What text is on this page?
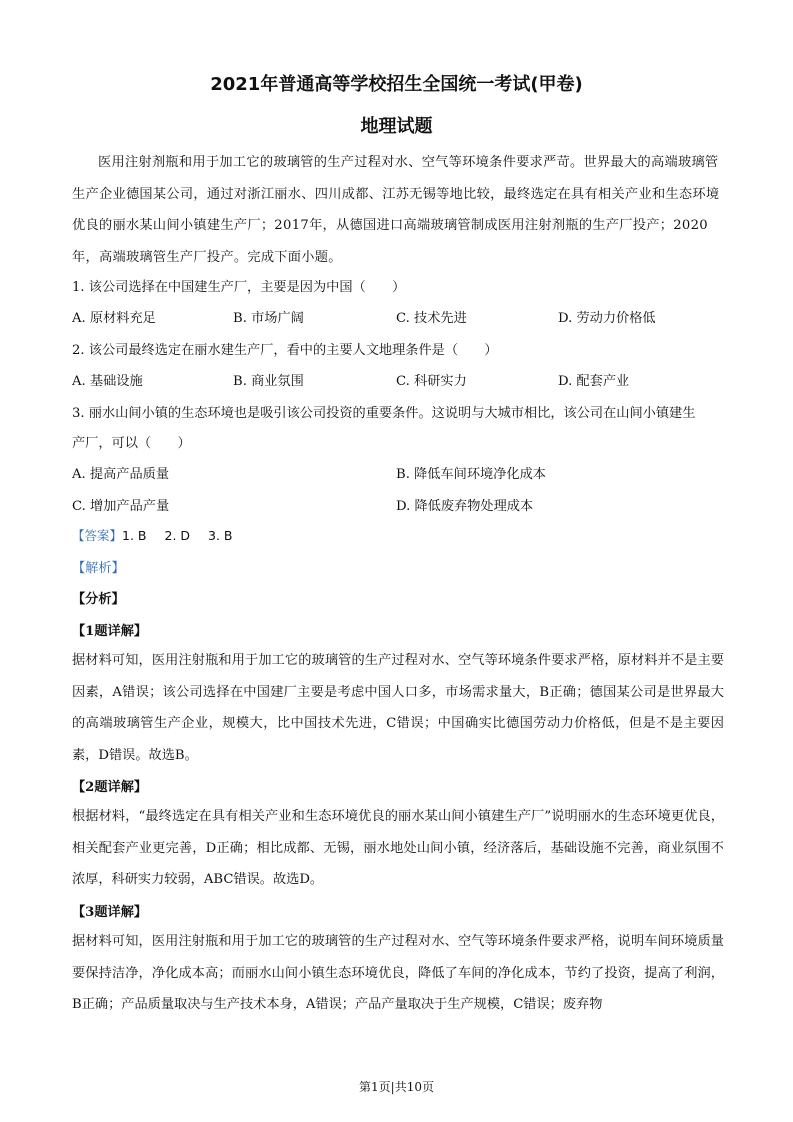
2021年普通高等学校招生全国统一考试(甲卷)
地理试题
医用注射剂瓶和用于加工它的玻璃管的生产过程对水、空气等环境条件要求严苛。世界最大的高端玻璃管生产企业德国某公司，通过对浙江丽水、四川成都、江苏无锡等地比较，最终选定在具有相关产业和生态环境优良的丽水某山间小镇建生产厂；2017年，从德国进口高端玻璃管制成医用注射剂瓶的生产厂投产；2020年，高端玻璃管生产厂投产。完成下面小题。
1. 该公司选择在中国建生产厂，主要是因为中国（　　）
A. 原材料充足	B. 市场广阔	C. 技术先进	D. 劳动力价格低
2. 该公司最终选定在丽水建生产厂，看中的主要人文地理条件是（　　）
A. 基础设施	B. 商业氛围	C. 科研实力	D. 配套产业
3. 丽水山间小镇的生态环境也是吸引该公司投资的重要条件。这说明与大城市相比，该公司在山间小镇建生
产厂，可以（　　）
A. 提高产品质量	B. 降低车间环境净化成本
C. 增加产品产量	D. 降低废弃物处理成本
【答案】1. B 2. D 3. B
【解析】
【分析】
【1题详解】
据材料可知，医用注射瓶和用于加工它的玻璃管的生产过程对水、空气等环境条件要求严格，原材料并不是主要因素，A错误；该公司选择在中国建厂主要是考虑中国人口多，市场需求量大，B正确；德国某公司是世界最大的高端玻璃管生产企业，规模大，比中国技术先进，C错误；中国确实比德国劳动力价格低，但是不是主要因素，D错误。故选B。
【2题详解】
根据材料，“最终选定在具有相关产业和生态环境优良的丽水某山间小镇建生产厂”说明丽水的生态环境更优良，相关配套产业更完善，D正确；相比成都、无锡，丽水地处山间小镇，经济落后，基础设施不完善，商业氛围不浓厚，科研实力较弱，ABC错误。故选D。
【3题详解】
据材料可知，医用注射瓶和用于加工它的玻璃管的生产过程对水、空气等环境条件要求严格，说明车间环境质量要保持洁净，净化成本高；而丽水山间小镇生态环境优良，降低了车间的净化成本，节约了投资，提高了利润，B正确；产品质量取决与生产技术本身，A错误；产品产量取决于生产规模，C错误；废弃物
第1页|共10页
